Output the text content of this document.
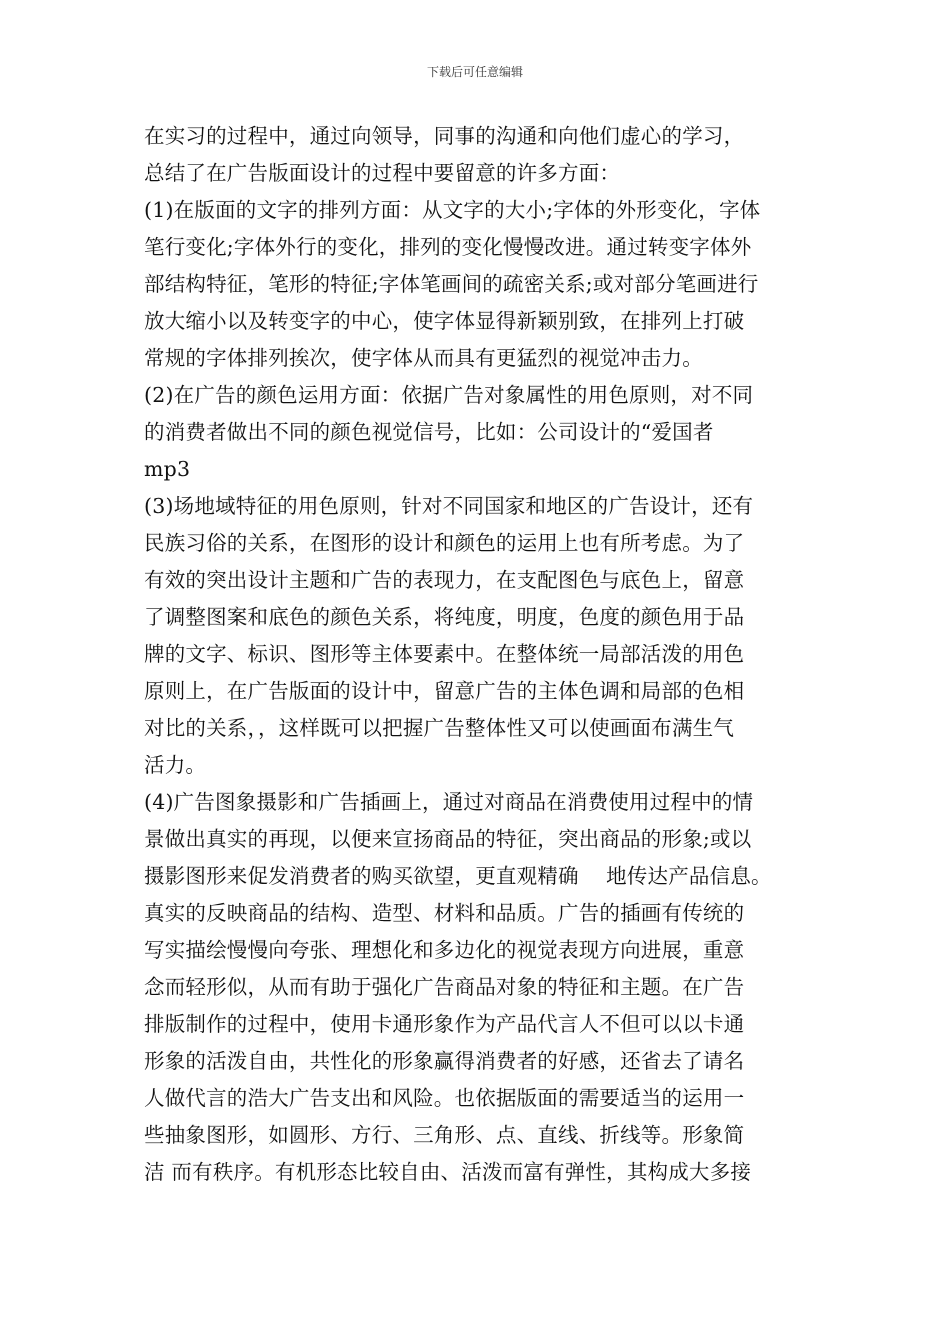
下载后可任意编辑
在实习的过程中，通过向领导，同事的沟通和向他们虚心的学习，
总结了在广告版面设计的过程中要留意的许多方面：
(1)在版面的文字的排列方面：从文字的大小;字体的外形变化，字体
笔行变化;字体外行的变化，排列的变化慢慢改进。通过转变字体外
部结构特征，笔形的特征;字体笔画间的疏密关系;或对部分笔画进行
放大缩小以及转变字的中心，使字体显得新颖别致，在排列上打破
常规的字体排列挨次，使字体从而具有更猛烈的视觉冲击力。
(2)在广告的颜色运用方面：依据广告对象属性的用色原则，对不同
的消费者做出不同的颜色视觉信号，比如：公司设计的“爱国者
mp3
(3)场地域特征的用色原则，针对不同国家和地区的广告设计，还有
民族习俗的关系，在图形的设计和颜色的运用上也有所考虑。为了
有效的突出设计主题和广告的表现力，在支配图色与底色上，留意
了调整图案和底色的颜色关系，将纯度，明度，色度的颜色用于品
牌的文字、标识、图形等主体要素中。在整体统一局部活泼的用色
原则上，在广告版面的设计中，留意广告的主体色调和局部的色相
对比的关系，，这样既可以把握广告整体性又可以使画面布满生气
活力。
(4)广告图象摄影和广告插画上，通过对商品在消费使用过程中的情
景做出真实的再现，以便来宣扬商品的特征，突出商品的形象;或以
摄影图形来促发消费者的购买欲望，更直观精确　 地传达产品信息。
真实的反映商品的结构、造型、材料和品质。广告的插画有传统的
写实描绘慢慢向夸张、理想化和多边化的视觉表现方向进展，重意
念而轻形似，从而有助于强化广告商品对象的特征和主题。在广告
排版制作的过程中，使用卡通形象作为产品代言人不但可以以卡通
形象的活泼自由，共性化的形象赢得消费者的好感，还省去了请名
人做代言的浩大广告支出和风险。也依据版面的需要适当的运用一
些抽象图形，如圆形、方行、三角形、点、直线、折线等。形象简
洁 而有秩序。有机形态比较自由、活泼而富有弹性，其构成大多接
